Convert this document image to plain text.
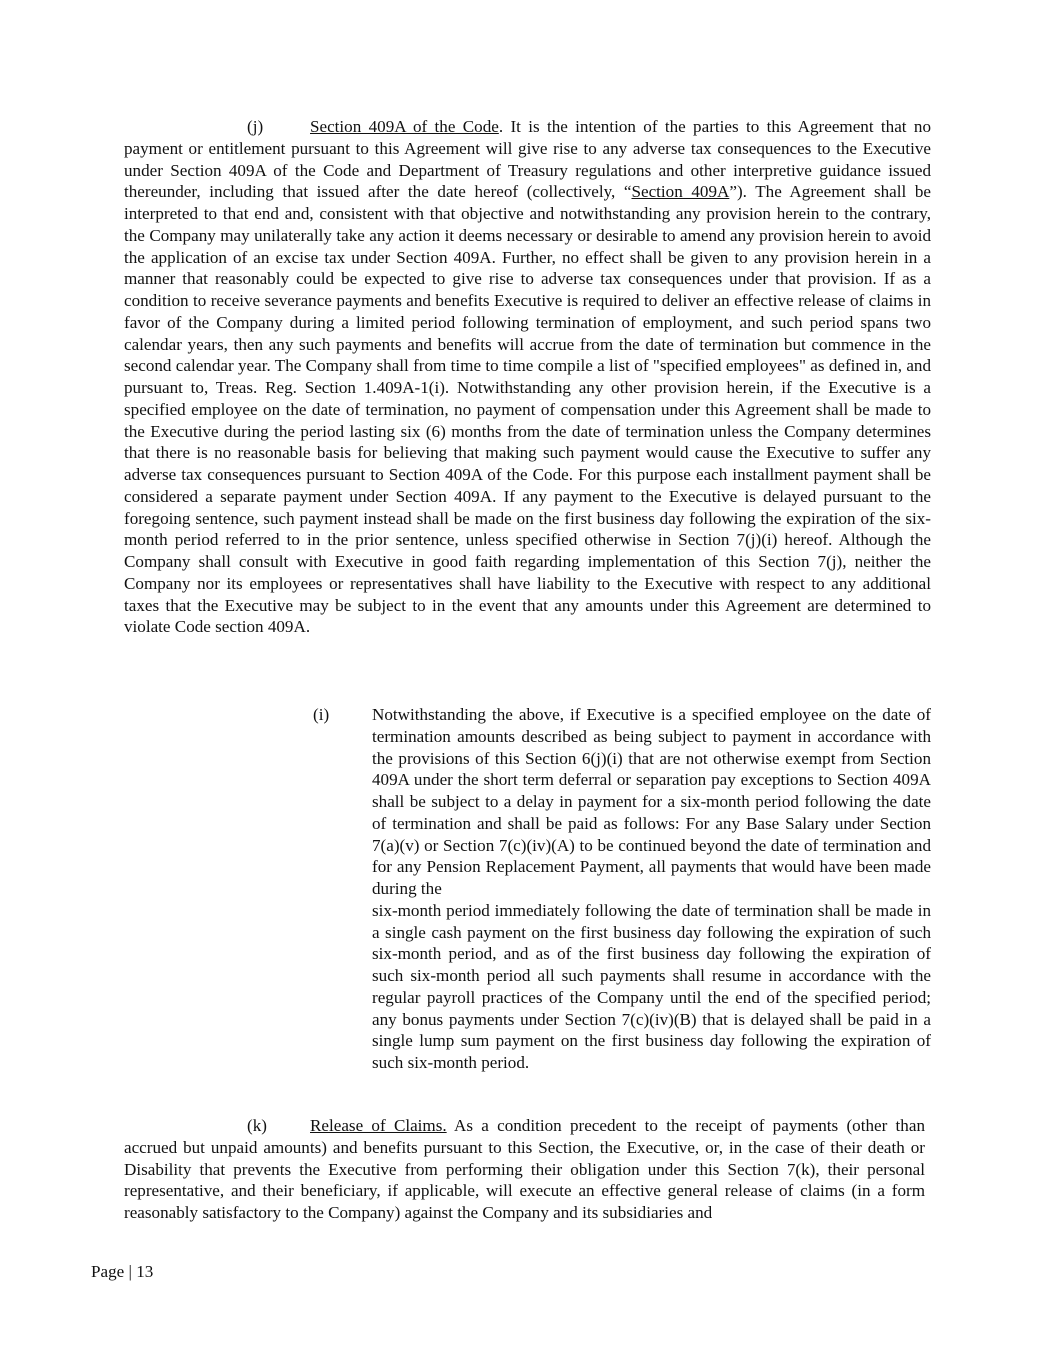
(j)	Section 409A of the Code. It is the intention of the parties to this Agreement that no payment or entitlement pursuant to this Agreement will give rise to any adverse tax consequences to the Executive under Section 409A of the Code and Department of Treasury regulations and other interpretive guidance issued thereunder, including that issued after the date hereof (collectively, “Section 409A”). The Agreement shall be interpreted to that end and, consistent with that objective and notwithstanding any provision herein to the contrary, the Company may unilaterally take any action it deems necessary or desirable to amend any provision herein to avoid the application of an excise tax under Section 409A. Further, no effect shall be given to any provision herein in a manner that reasonably could be expected to give rise to adverse tax consequences under that provision. If as a condition to receive severance payments and benefits Executive is required to deliver an effective release of claims in favor of the Company during a limited period following termination of employment, and such period spans two calendar years, then any such payments and benefits will accrue from the date of termination but commence in the second calendar year. The Company shall from time to time compile a list of "specified employees" as defined in, and pursuant to, Treas. Reg. Section 1.409A-1(i). Notwithstanding any other provision herein, if the Executive is a specified employee on the date of termination, no payment of compensation under this Agreement shall be made to the Executive during the period lasting six (6) months from the date of termination unless the Company determines that there is no reasonable basis for believing that making such payment would cause the Executive to suffer any adverse tax consequences pursuant to Section 409A of the Code. For this purpose each installment payment shall be considered a separate payment under Section 409A. If any payment to the Executive is delayed pursuant to the foregoing sentence, such payment instead shall be made on the first business day following the expiration of the six-month period referred to in the prior sentence, unless specified otherwise in Section 7(j)(i) hereof. Although the Company shall consult with Executive in good faith regarding implementation of this Section 7(j), neither the Company nor its employees or representatives shall have liability to the Executive with respect to any additional taxes that the Executive may be subject to in the event that any amounts under this Agreement are determined to violate Code section 409A.

(i)	Notwithstanding the above, if Executive is a specified employee on the date of termination amounts described as being subject to payment in accordance with the provisions of this Section 6(j)(i) that are not otherwise exempt from Section 409A under the short term deferral or separation pay exceptions to Section 409A shall be subject to a delay in payment for a six-month period following the date of termination and shall be paid as follows: For any Base Salary under Section 7(a)(v) or Section 7(c)(iv)(A) to be continued beyond the date of termination and for any Pension Replacement Payment, all payments that would have been made during the

six-month period immediately following the date of termination shall be made in a single cash payment on the first business day following the expiration of such six-month period, and as of the first business day following the expiration of such six-month period all such payments shall resume in accordance with the regular payroll practices of the Company until the end of the specified period; any bonus payments under Section 7(c)(iv)(B) that is delayed shall be paid in a single lump sum payment on the first business day following the expiration of such six-month period.

(k)	Release of Claims. As a condition precedent to the receipt of payments (other than accrued but unpaid amounts) and benefits pursuant to this Section, the Executive, or, in the case of their death or Disability that prevents the Executive from performing their obligation under this Section 7(k), their personal representative, and their beneficiary, if applicable, will execute an effective general release of claims (in a form reasonably satisfactory to the Company) against the Company and its subsidiaries and

Page | 13
